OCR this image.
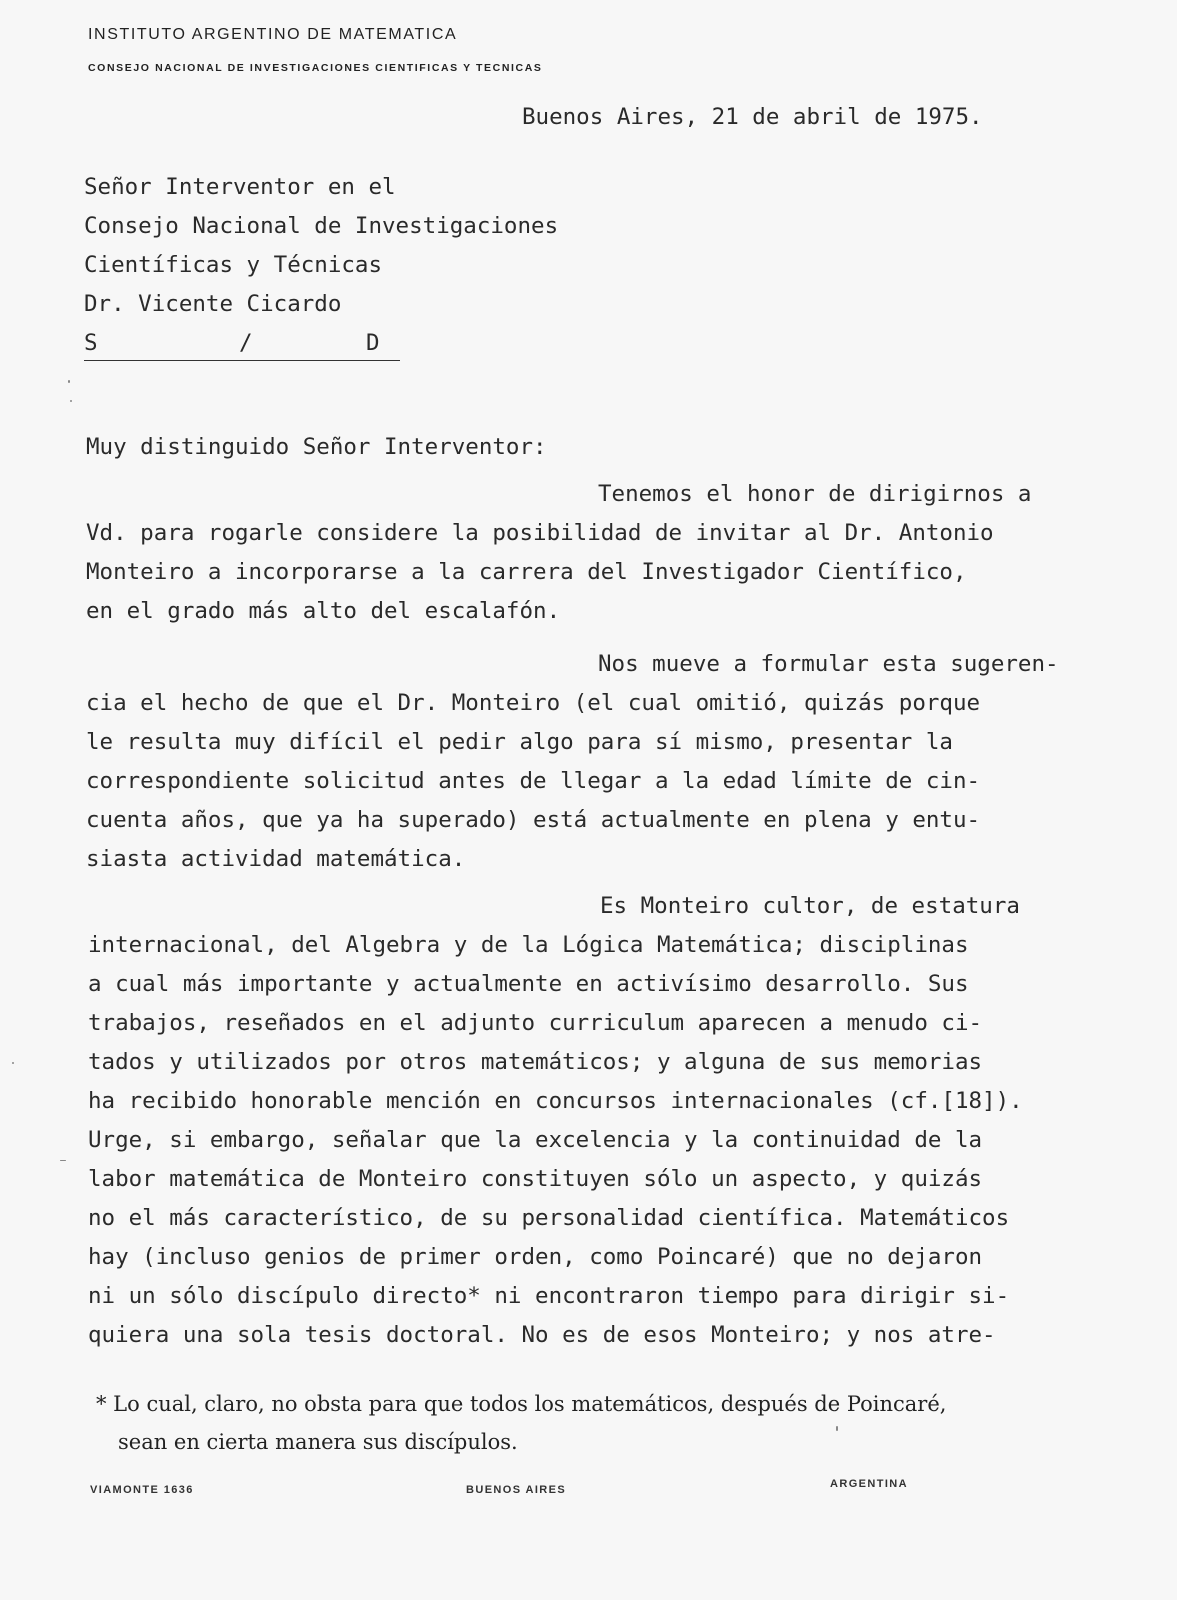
INSTITUTO ARGENTINO DE MATEMATICA
CONSEJO NACIONAL DE INVESTIGACIONES CIENTIFICAS Y TECNICAS
Buenos Aires, 21 de abril de 1975.
Señor Interventor en el
Consejo Nacional de Investigaciones
Científicas y Técnicas
Dr. Vicente Cicardo
S	/	D
Muy distinguido Señor Interventor:
Tenemos el honor de dirigirnos a
Vd. para rogarle considere la posibilidad de invitar al Dr. Antonio
Monteiro a incorporarse a la carrera del Investigador Científico,
en el grado más alto del escalafón.
Nos mueve a formular esta sugeren-
cia el hecho de que el Dr. Monteiro (el cual omitió, quizás porque
le resulta muy difícil el pedir algo para sí mismo, presentar la
correspondiente solicitud antes de llegar a la edad límite de cin-
cuenta años, que ya ha superado) está actualmente en plena y entu-
siasta actividad matemática.
Es Monteiro cultor, de estatura
internacional, del Algebra y de la Lógica Matemática; disciplinas
a cual más importante y actualmente en activísimo desarrollo. Sus
trabajos, reseñados en el adjunto curriculum aparecen a menudo ci-
tados y utilizados por otros matemáticos; y alguna de sus memorias
ha recibido honorable mención en concursos internacionales (cf.[18]).
Urge, si embargo, señalar que la excelencia y la continuidad de la
labor matemática de Monteiro constituyen sólo un aspecto, y quizás
no el más característico, de su personalidad científica. Matemáticos
hay (incluso genios de primer orden, como Poincaré) que no dejaron
ni un sólo discípulo directo* ni encontraron tiempo para dirigir si-
quiera una sola tesis doctoral. No es de esos Monteiro; y nos atre-
* Lo cual, claro, no obsta para que todos los matemáticos, después de Poincaré,
sean en cierta manera sus discípulos.
VIAMONTE 1636	BUENOS AIRES	ARGENTINA
